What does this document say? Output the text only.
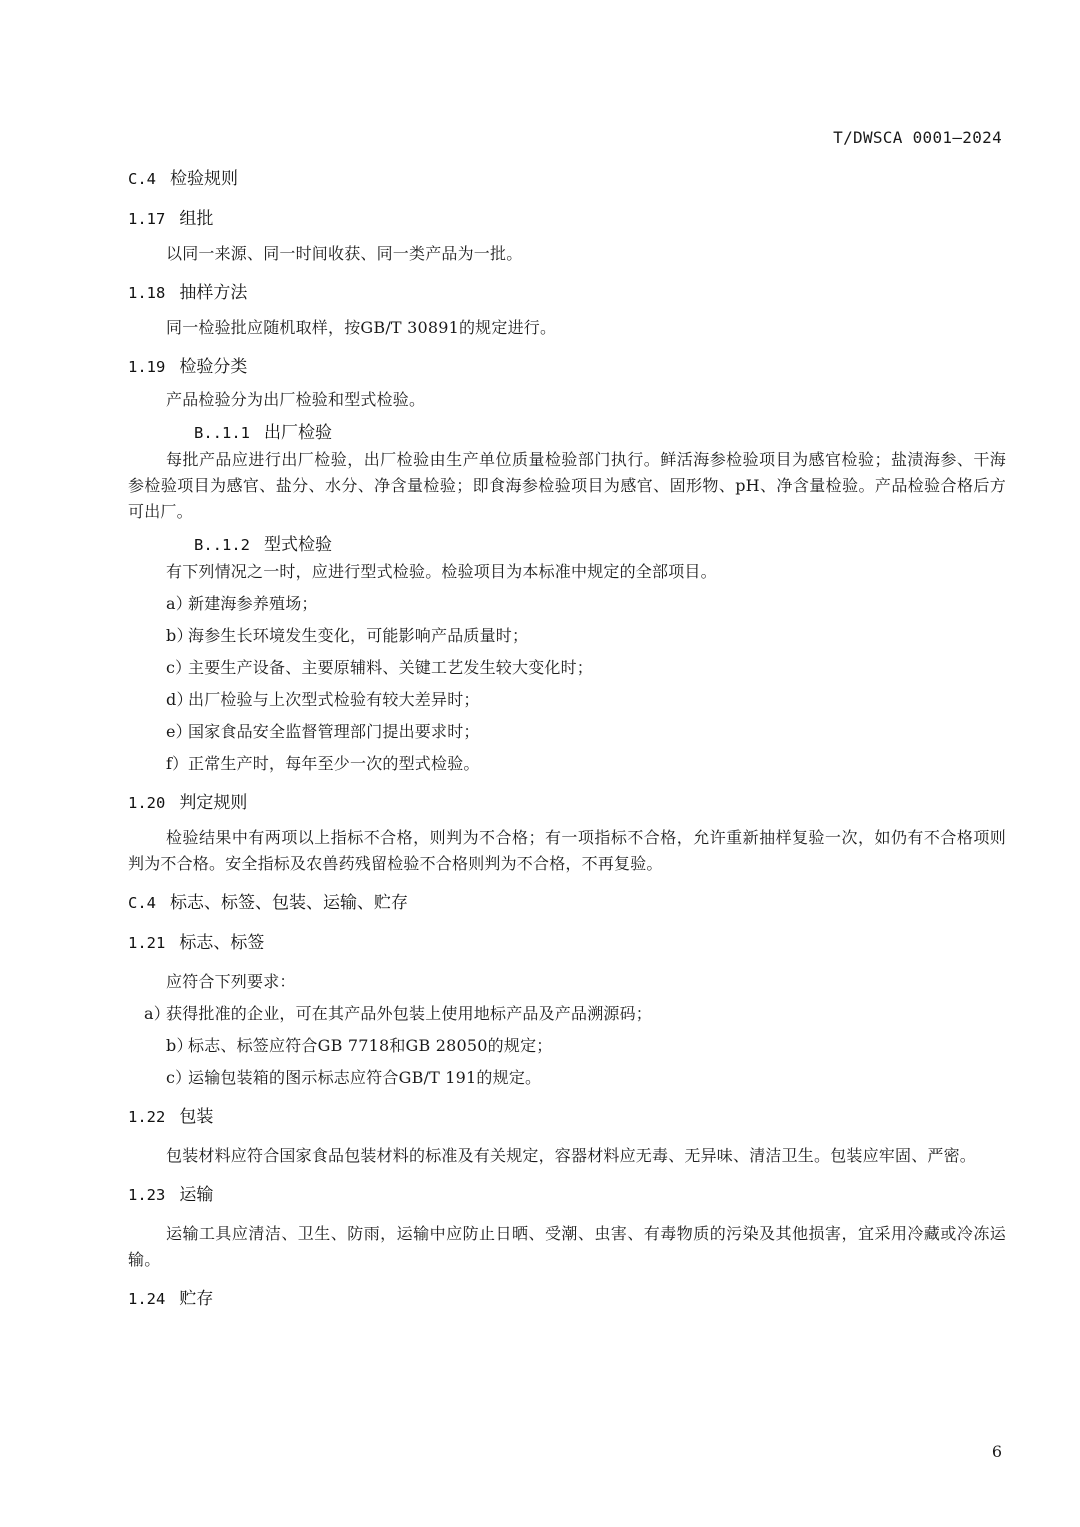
T/DWSCA 0001—2024
C.4 检验规则
1.17 组批
以同一来源、同一时间收获、同一类产品为一批。
1.18 抽样方法
同一检验批应随机取样，按GB/T 30891的规定进行。
1.19 检验分类
产品检验分为出厂检验和型式检验。
B..1.1 出厂检验
每批产品应进行出厂检验，出厂检验由生产单位质量检验部门执行。鲜活海参检验项目为感官检验；盐渍海参、干海参检验项目为感官、盐分、水分、净含量检验；即食海参检验项目为感官、固形物、pH、净含量检验。产品检验合格后方可出厂。
B..1.2 型式检验
有下列情况之一时，应进行型式检验。检验项目为本标准中规定的全部项目。
a）新建海参养殖场；
b）海参生长环境发生变化，可能影响产品质量时；
c）主要生产设备、主要原辅料、关键工艺发生较大变化时；
d）出厂检验与上次型式检验有较大差异时；
e）国家食品安全监督管理部门提出要求时；
f）正常生产时，每年至少一次的型式检验。
1.20 判定规则
检验结果中有两项以上指标不合格，则判为不合格；有一项指标不合格，允许重新抽样复验一次，如仍有不合格项则判为不合格。安全指标及农兽药残留检验不合格则判为不合格，不再复验。
C.4 标志、标签、包装、运输、贮存
1.21 标志、标签
应符合下列要求：
a）获得批准的企业，可在其产品外包装上使用地标产品及产品溯源码；
b）标志、标签应符合GB 7718和GB 28050的规定；
c）运输包装箱的图示标志应符合GB/T 191的规定。
1.22 包装
包装材料应符合国家食品包装材料的标准及有关规定，容器材料应无毒、无异味、清洁卫生。包装应牢固、严密。
1.23 运输
运输工具应清洁、卫生、防雨，运输中应防止日晒、受潮、虫害、有毒物质的污染及其他损害，宜采用冷藏或冷冻运输。
1.24 贮存
6
